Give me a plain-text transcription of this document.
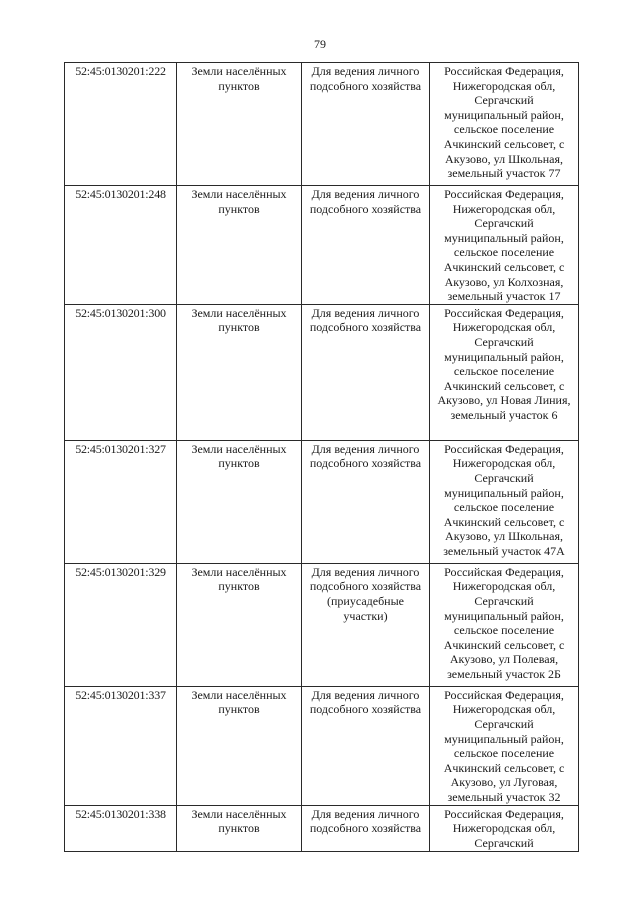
79
52:45:0130201:222	Земли населённых пунктов	Для ведения личного подсобного хозяйства	Российская Федерация, Нижегородская обл, Сергачский муниципальный район, сельское поселение Ачкинский сельсовет, с Акузово, ул Школьная, земельный участок 77
52:45:0130201:248	Земли населённых пунктов	Для ведения личного подсобного хозяйства	Российская Федерация, Нижегородская обл, Сергачский муниципальный район, сельское поселение Ачкинский сельсовет, с Акузово, ул Колхозная, земельный участок 17
52:45:0130201:300	Земли населённых пунктов	Для ведения личного подсобного хозяйства	Российская Федерация, Нижегородская обл, Сергачский муниципальный район, сельское поселение Ачкинский сельсовет, с Акузово, ул Новая Линия, земельный участок 6
52:45:0130201:327	Земли населённых пунктов	Для ведения личного подсобного хозяйства	Российская Федерация, Нижегородская обл, Сергачский муниципальный район, сельское поселение Ачкинский сельсовет, с Акузово, ул Школьная, земельный участок 47А
52:45:0130201:329	Земли населённых пунктов	Для ведения личного подсобного хозяйства (приусадебные участки)	Российская Федерация, Нижегородская обл, Сергачский муниципальный район, сельское поселение Ачкинский сельсовет, с Акузово, ул Полевая, земельный участок 2Б
52:45:0130201:337	Земли населённых пунктов	Для ведения личного подсобного хозяйства	Российская Федерация, Нижегородская обл, Сергачский муниципальный район, сельское поселение Ачкинский сельсовет, с Акузово, ул Луговая, земельный участок 32
52:45:0130201:338	Земли населённых пунктов	Для ведения личного подсобного хозяйства	Российская Федерация, Нижегородская обл, Сергачский
